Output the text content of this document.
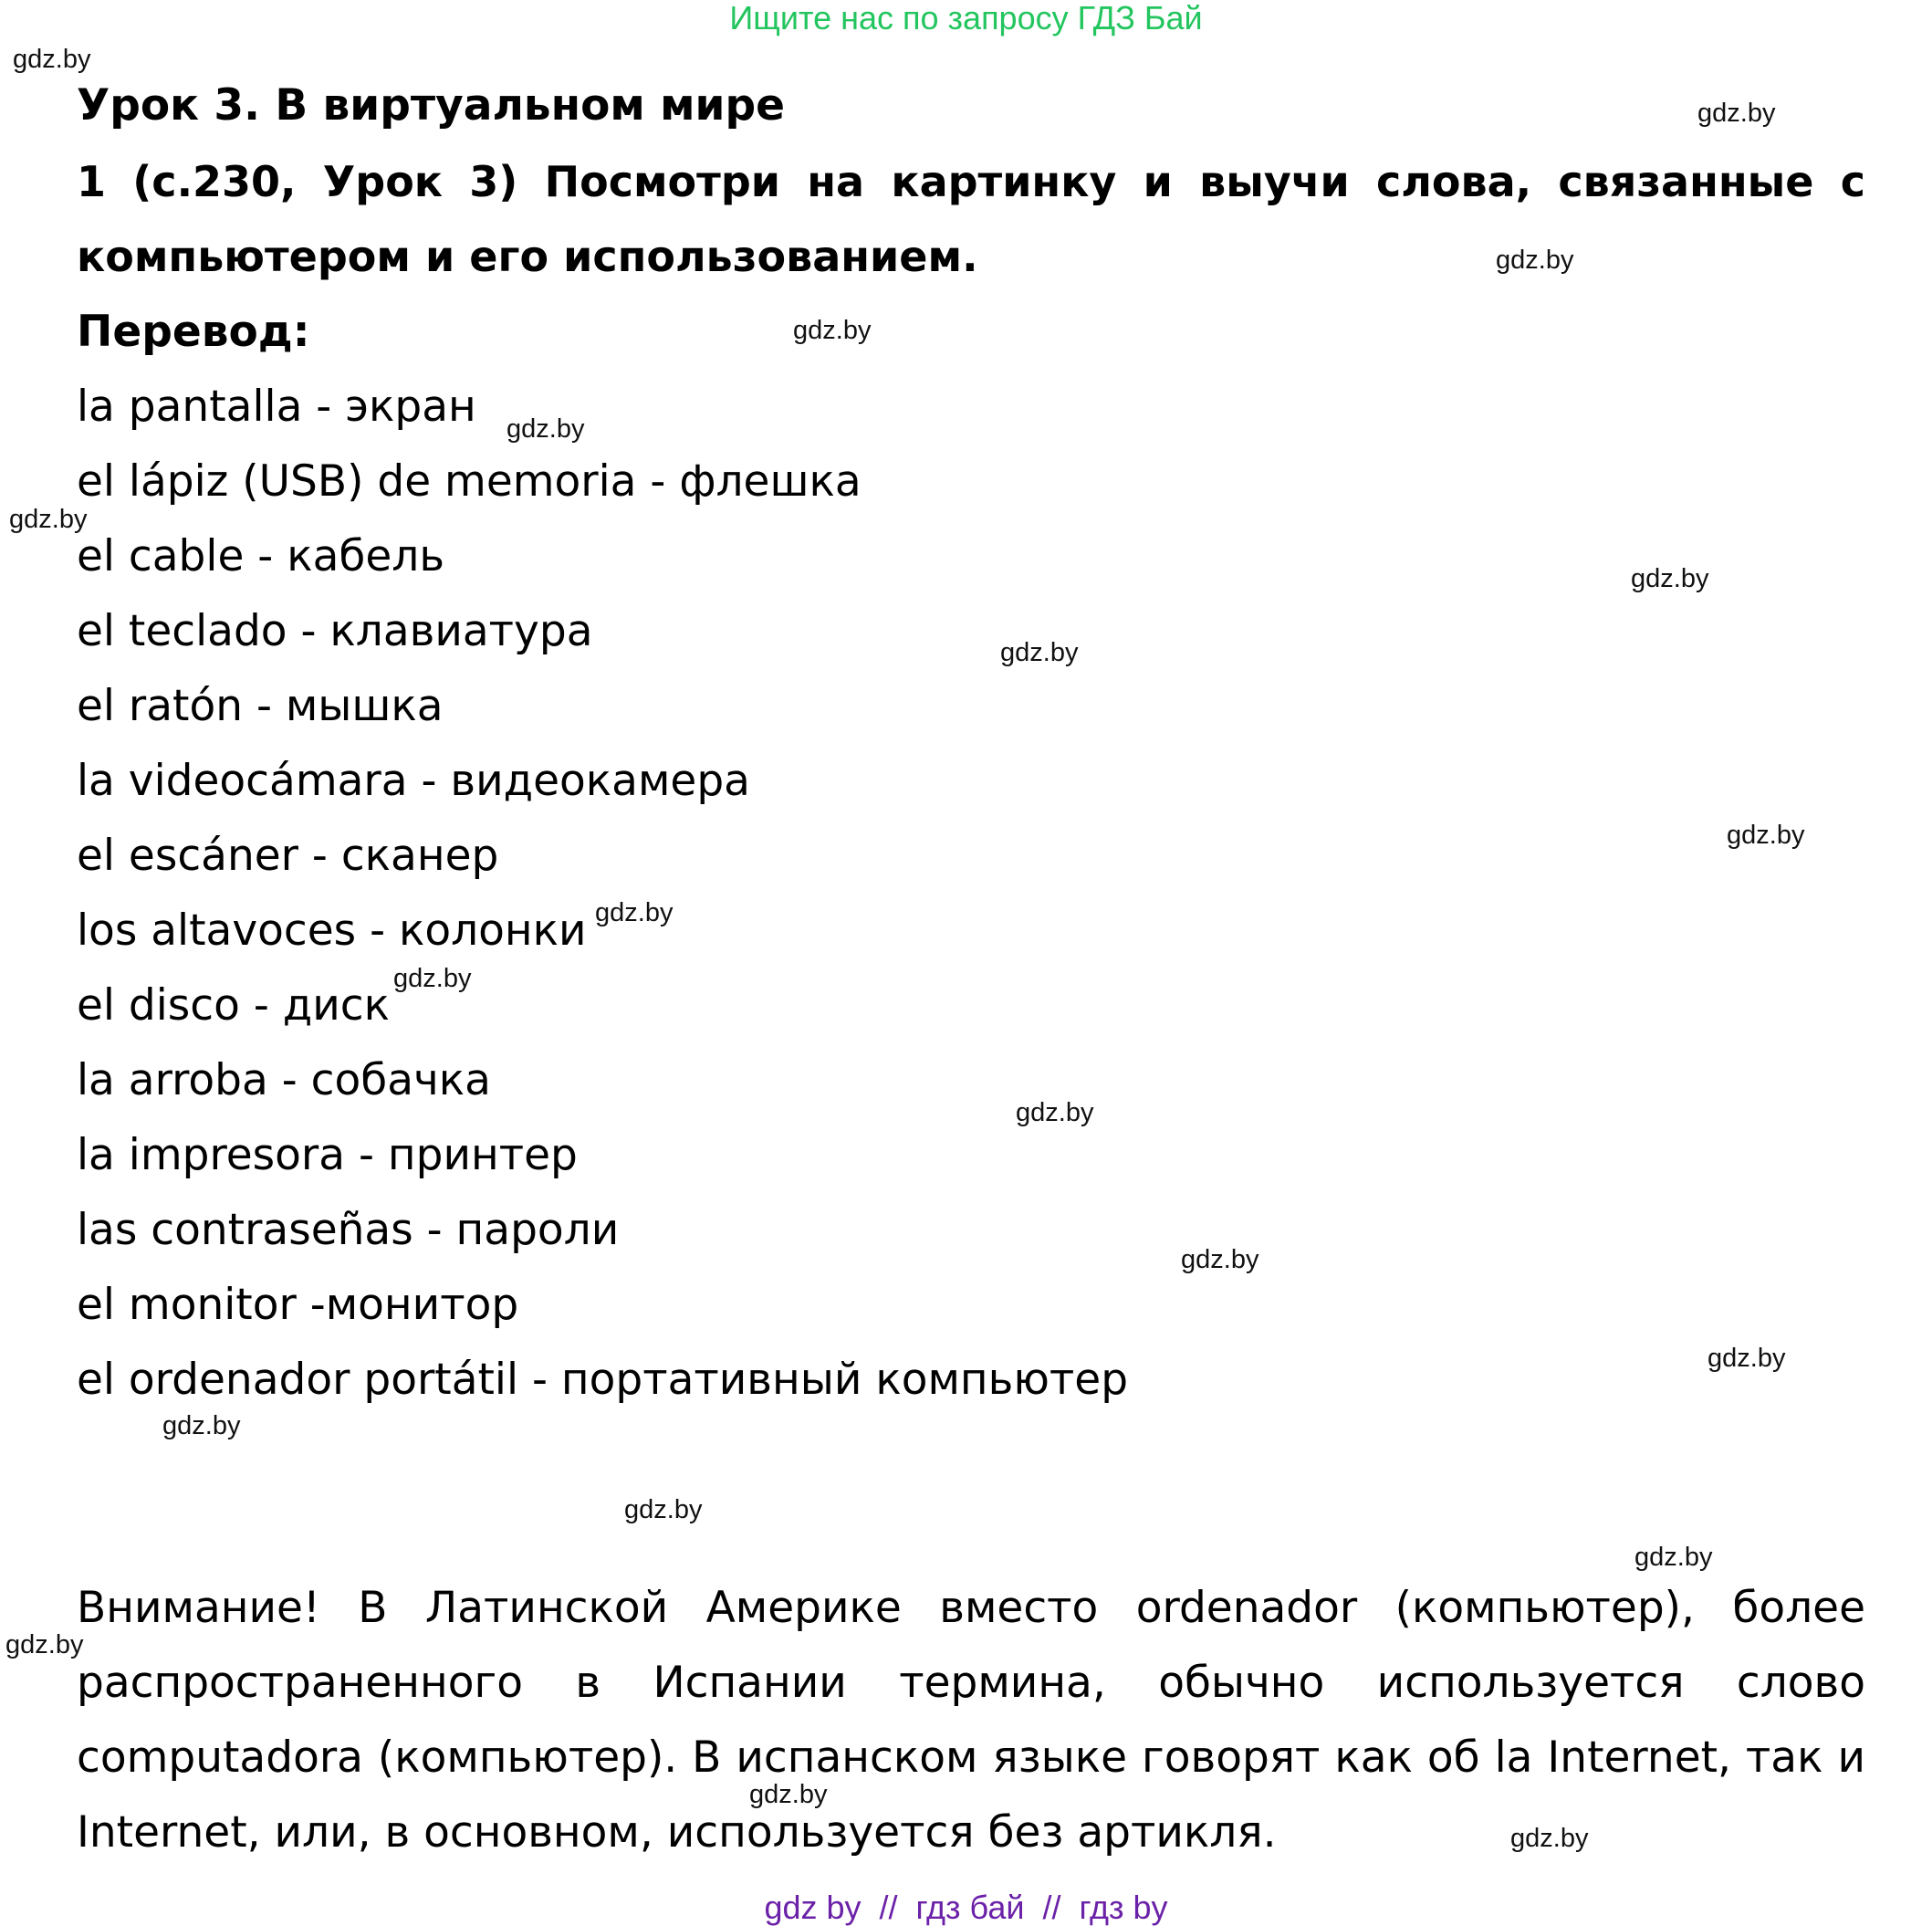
Ищите нас по запросу ГДЗ Бай
Урок 3. В виртуальном мире
1 (с.230, Урок 3) Посмотри на картинку и выучи слова, связанные с компьютером и его использованием.
Перевод:
la pantalla - экран
el lápiz (USB) de memoria - флешка
el cable - кабель
el teclado - клавиатура
el ratón - мышка
la videocámara - видеокамера
el escáner - сканер
los altavoces - колонки
el disco - диск
la arroba - собачка
la impresora - принтер
las contraseñas - пароли
el monitor -монитор
el ordenador portátil - портативный компьютер
Внимание! В Латинской Америке вместо ordenador (компьютер), более распространенного в Испании термина, обычно используется слово computadora (компьютер). В испанском языке говорят как об la Internet, так и Internet, или, в основном, используется без артикля.
gdz.by
gdz.by
gdz.by
gdz.by
gdz.by
gdz.by
gdz.by
gdz.by
gdz.by
gdz.by
gdz.by
gdz.by
gdz.by
gdz.by
gdz.by
gdz.by
gdz.by
gdz.by
gdz.by
gdz.by
gdz by  //  гдз бай  //  гдз by
